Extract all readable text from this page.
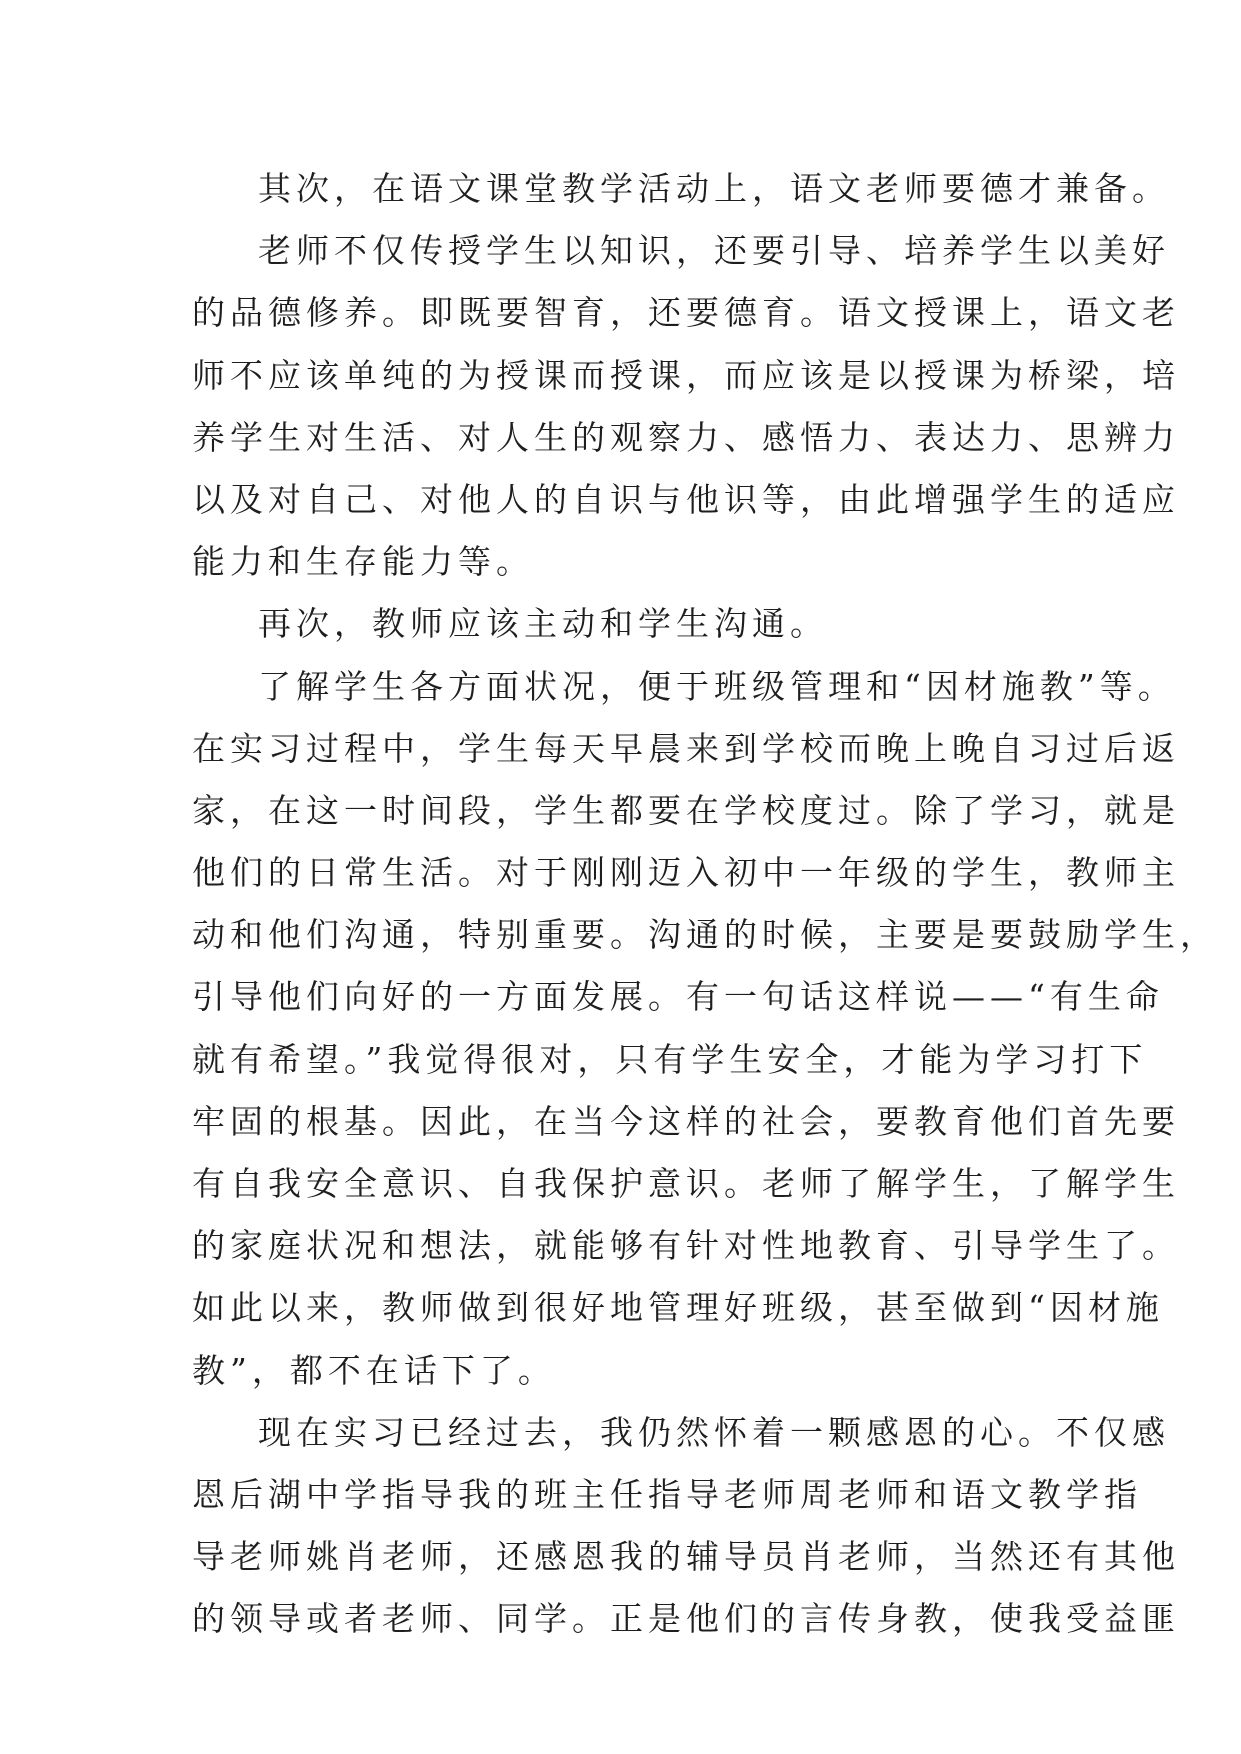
其次，在语文课堂教学活动上，语文老师要德才兼备。
老师不仅传授学生以知识，还要引导、培养学生以美好
的品德修养。即既要智育，还要德育。语文授课上，语文老
师不应该单纯的为授课而授课，而应该是以授课为桥梁，培
养学生对生活、对人生的观察力、感悟力、表达力、思辨力
以及对自己、对他人的自识与他识等，由此增强学生的适应
能力和生存能力等。
再次，教师应该主动和学生沟通。
了解学生各方面状况，便于班级管理和“因材施教”等。
在实习过程中，学生每天早晨来到学校而晚上晚自习过后返
家，在这一时间段，学生都要在学校度过。除了学习，就是
他们的日常生活。对于刚刚迈入初中一年级的学生，教师主
动和他们沟通，特别重要。沟通的时候，主要是要鼓励学生，
引导他们向好的一方面发展。有一句话这样说——“有生命
就有希望。”我觉得很对，只有学生安全，才能为学习打下
牢固的根基。因此，在当今这样的社会，要教育他们首先要
有自我安全意识、自我保护意识。老师了解学生，了解学生
的家庭状况和想法，就能够有针对性地教育、引导学生了。
如此以来，教师做到很好地管理好班级，甚至做到“因材施
教”，都不在话下了。
现在实习已经过去，我仍然怀着一颗感恩的心。不仅感
恩后湖中学指导我的班主任指导老师周老师和语文教学指
导老师姚肖老师，还感恩我的辅导员肖老师，当然还有其他
的领导或者老师、同学。正是他们的言传身教，使我受益匪
